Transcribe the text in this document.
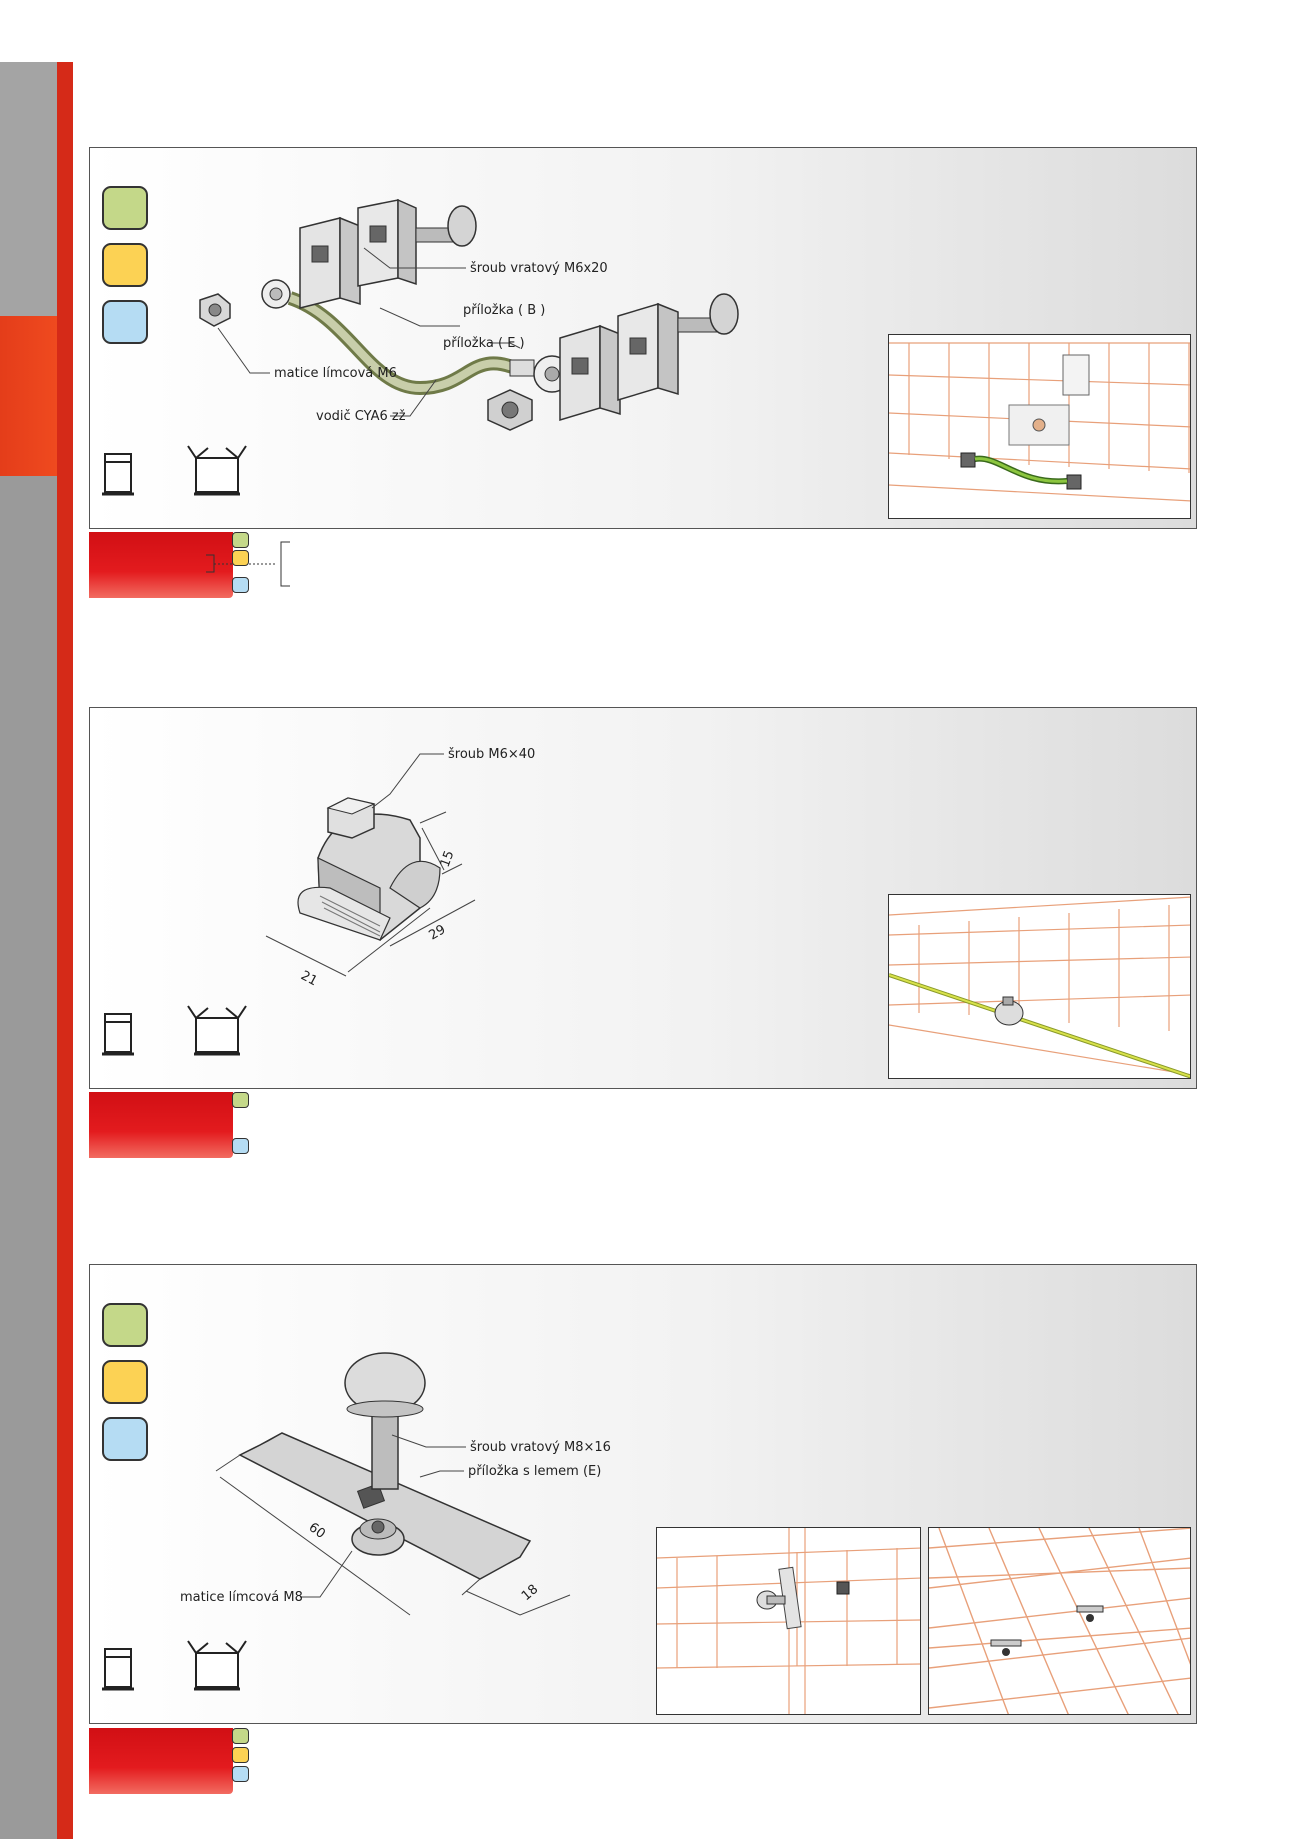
šroub vratový M6x20
příložka ( B )
příložka ( E )
matice límcová M6
vodič CYA6 zž
šroub M6×40
15
29
21
šroub vratový M8×16
příložka s lemem (E)
matice límcová M8
60
18
